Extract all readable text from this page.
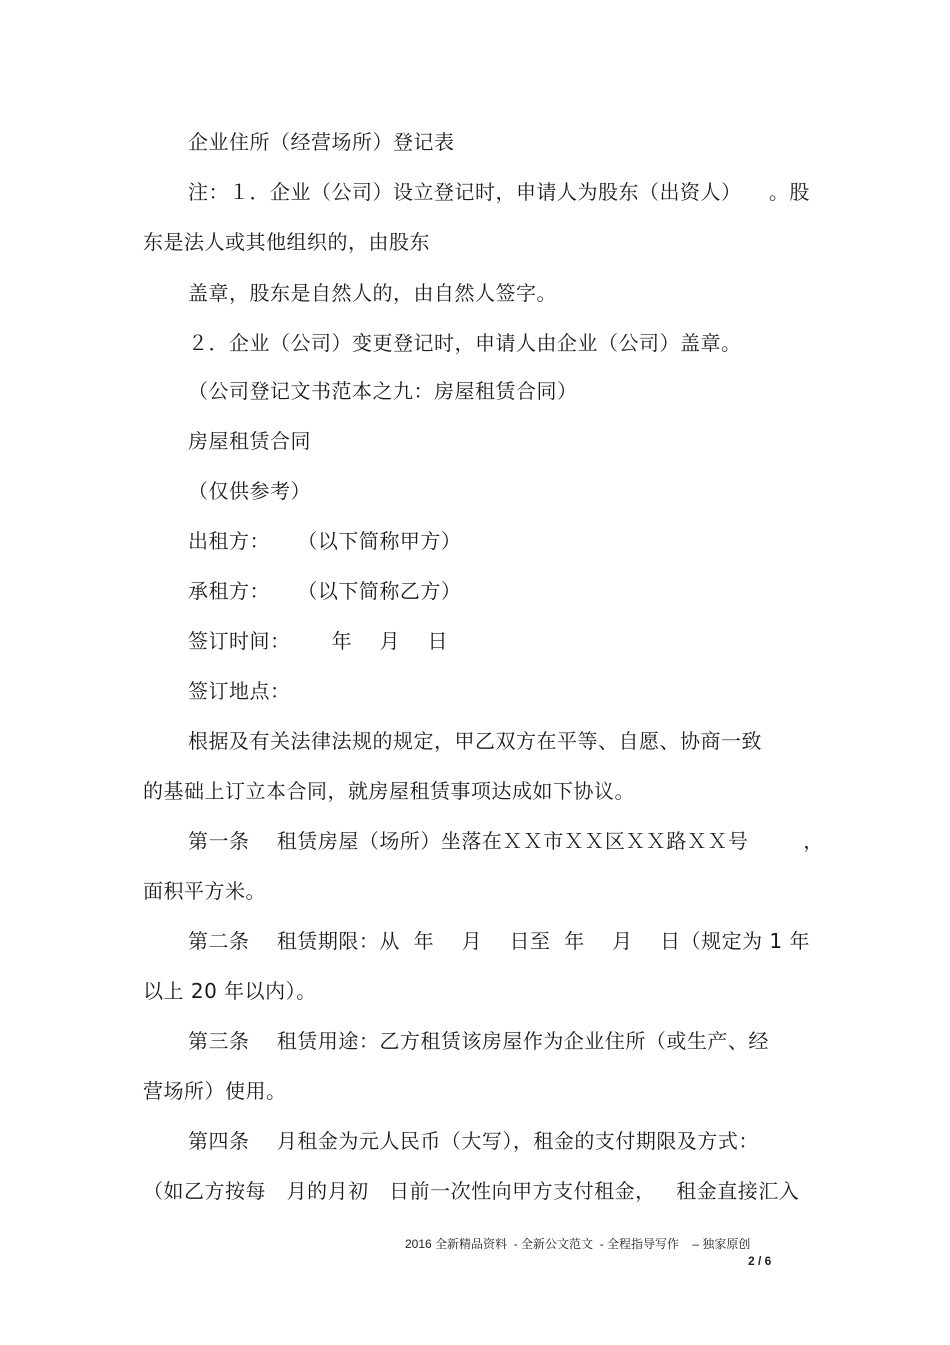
企业住所（经营场所）登记表
注：１．企业（公司）设立登记时，申请人为股东（出资人）    。股
东是法人或其他组织的，由股东
盖章，股东是自然人的，由自然人签字。
２．企业（公司）变更登记时，申请人由企业（公司）盖章。
（公司登记文书范本之九：房屋租赁合同）
房屋租赁合同
（仅供参考）
出租方：    （以下简称甲方）
承租方：    （以下简称乙方）
签订时间：      年    月    日
签订地点：
根据及有关法律法规的规定，甲乙双方在平等、自愿、协商一致
的基础上订立本合同，就房屋租赁事项达成如下协议。
第一条    租赁房屋（场所）坐落在ＸＸ市ＸＸ区ＸＸ路ＸＸ号        ，
面积平方米。
第二条    租赁期限：从  年    月    日至  年    月    日（规定为 1 年
以上 20 年以内）。
第三条    租赁用途：乙方租赁该房屋作为企业住所（或生产、经
营场所）使用。
第四条    月租金为元人民币（大写），租金的支付期限及方式：
（如乙方按每   月的月初   日前一次性向甲方支付租金，   租金直接汇入
2016 全新精品资料  - 全新公文范文  - 全程指导写作    – 独家原创
2 / 6
